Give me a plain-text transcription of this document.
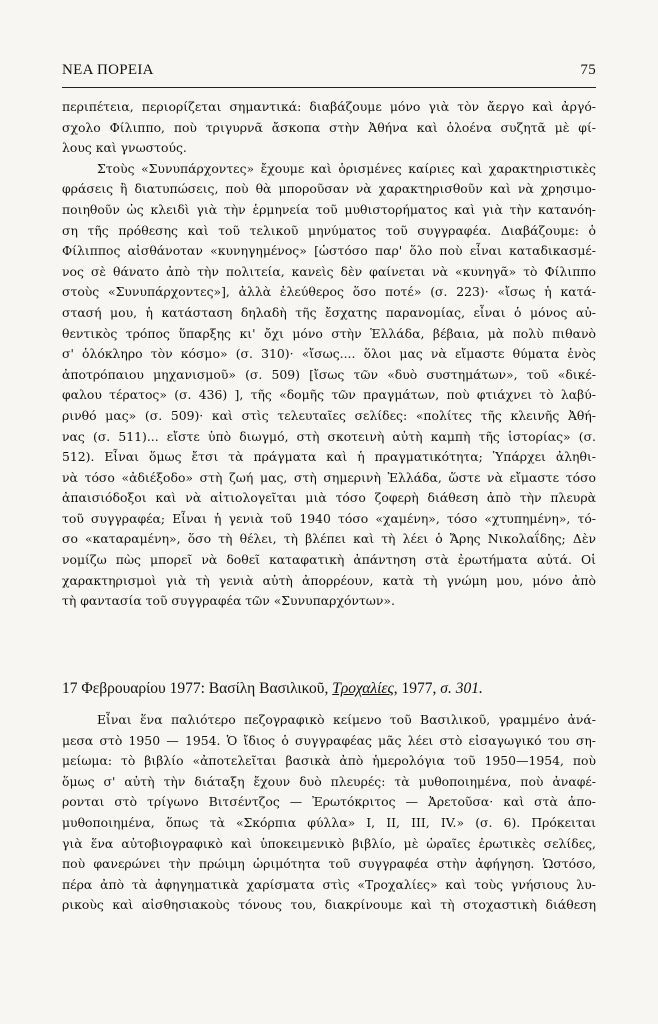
ΝΕΑ ΠΟΡΕΙΑ	75
περιπέτεια, περιορίζεται σημαντικά: διαβάζουμε μόνο γιὰ τὸν ἄεργο καὶ ἀργό-
σχολο Φίλιππο, ποὺ τριγυρνᾶ ἄσκοπα στὴν Ἀθήνα καὶ ὁλοένα συζητᾶ μὲ φί-
λους καὶ γνωστούς.
Στοὺς «Συνυπάρχοντες» ἔχουμε καὶ ὁρισμένες καίριες καὶ χαρακτηριστικὲς
φράσεις ἢ διατυπώσεις, ποὺ θὰ μποροῦσαν νὰ χαρακτηρισθοῦν καὶ νὰ χρησιμο-
ποιηθοῦν ὡς κλειδὶ γιὰ τὴν ἑρμηνεία τοῦ μυθιστορήματος καὶ γιὰ τὴν κατανόη-
ση τῆς πρόθεσης καὶ τοῦ τελικοῦ μηνύματος τοῦ συγγραφέα. Διαβάζουμε: ὁ
Φίλιππος αἰσθάνοταν «κυνηγημένος» [ὡστόσο παρ' ὅλο ποὺ εἶναι καταδικασμέ-
νος σὲ θάνατο ἀπὸ τὴν πολιτεία, κανεὶς δὲν φαίνεται νὰ «κυνηγᾶ» τὸ Φίλιππο
στοὺς «Συνυπάρχοντες»], ἀλλὰ ἐλεύθερος ὅσο ποτέ» (σ. 223)· «ἴσως ἡ κατά-
στασή μου, ἡ κατάσταση δηλαδὴ τῆς ἔσχατης παρανομίας, εἶναι ὁ μόνος αὐ-
θεντικὸς τρόπος ὕπαρξης κι' ὄχι μόνο στὴν Ἑλλάδα, βέβαια, μὰ πολὺ πιθανὸ
σ' ὁλόκληρο τὸν κόσμο» (σ. 310)· «ἴσως.... ὅλοι μας νὰ εἴμαστε θύματα ἑνὸς
ἀποτρόπαιου μηχανισμοῦ» (σ. 509) [ἴσως τῶν «δυὸ συστημάτων», τοῦ «δικέ-
φαλου τέρατος» (σ. 436) ], τῆς «δομῆς τῶν πραγμάτων, ποὺ φτιάχνει τὸ λαβύ-
ρινθό μας» (σ. 509)· καὶ στὶς τελευταῖες σελίδες: «πολίτες τῆς κλεινῆς Ἀθή-
νας (σ. 511)... εἴστε ὑπὸ διωγμό, στὴ σκοτεινὴ αὐτὴ καμπὴ τῆς ἱστορίας» (σ.
512). Εἶναι ὅμως ἔτσι τὰ πράγματα καὶ ἡ πραγματικότητα; Ὑπάρχει ἀληθι-
νὰ τόσο «ἀδιέξοδο» στὴ ζωή μας, στὴ σημερινὴ Ἑλλάδα, ὥστε νὰ εἴμαστε τόσο
ἀπαισιόδοξοι καὶ νὰ αἰτιολογεῖται μιὰ τόσο ζοφερὴ διάθεση ἀπὸ τὴν πλευρὰ
τοῦ συγγραφέα; Εἶναι ἡ γενιὰ τοῦ 1940 τόσο «χαμένη», τόσο «χτυπημένη», τό-
σο «καταραμένη», ὅσο τὴ θέλει, τὴ βλέπει καὶ τὴ λέει ὁ Ἄρης Νικολαΐδης; Δὲν
νομίζω πὼς μπορεῖ νὰ δοθεῖ καταφατικὴ ἀπάντηση στὰ ἐρωτήματα αὐτά. Οἱ
χαρακτηρισμοὶ γιὰ τὴ γενιὰ αὐτὴ ἀπορρέουν, κατὰ τὴ γνώμη μου, μόνο ἀπὸ
τὴ φαντασία τοῦ συγγραφέα τῶν «Συνυπαρχόντων».
17 Φεβρουαρίου 1977: Βασίλη Βασιλικοῦ, Τροχαλίες, 1977, σ. 301.
Εἶναι ἕνα παλιότερο πεζογραφικὸ κείμενο τοῦ Βασιλικοῦ, γραμμένο ἀνά-
μεσα στὸ 1950 — 1954. Ὁ ἴδιος ὁ συγγραφέας μᾶς λέει στὸ εἰσαγωγικό του ση-
μείωμα: τὸ βιβλίο «ἀποτελεῖται βασικὰ ἀπὸ ἡμερολόγια τοῦ 1950—1954, ποὺ
ὅμως σ' αὐτὴ τὴν διάταξη ἔχουν δυὸ πλευρές: τὰ μυθοποιημένα, ποὺ ἀναφέ-
ρονται στὸ τρίγωνο Βιτσέντζος — Ἐρωτόκριτος — Ἀρετοῦσα· καὶ στὰ ἀπο-
μυθοποιημένα, ὅπως τὰ «Σκόρπια φύλλα» I, II, III, IV.» (σ. 6). Πρόκειται
γιὰ ἕνα αὐτοβιογραφικὸ καὶ ὑποκειμενικὸ βιβλίο, μὲ ὡραῖες ἐρωτικὲς σελίδες,
ποὺ φανερώνει τὴν πρώιμη ὡριμότητα τοῦ συγγραφέα στὴν ἀφήγηση. Ὡστόσο,
πέρα ἀπὸ τὰ ἀφηγηματικὰ χαρίσματα στὶς «Τροχαλίες» καὶ τοὺς γνήσιους λυ-
ρικοὺς καὶ αἰσθησιακοὺς τόνους του, διακρίνουμε καὶ τὴ στοχαστικὴ διάθεση
